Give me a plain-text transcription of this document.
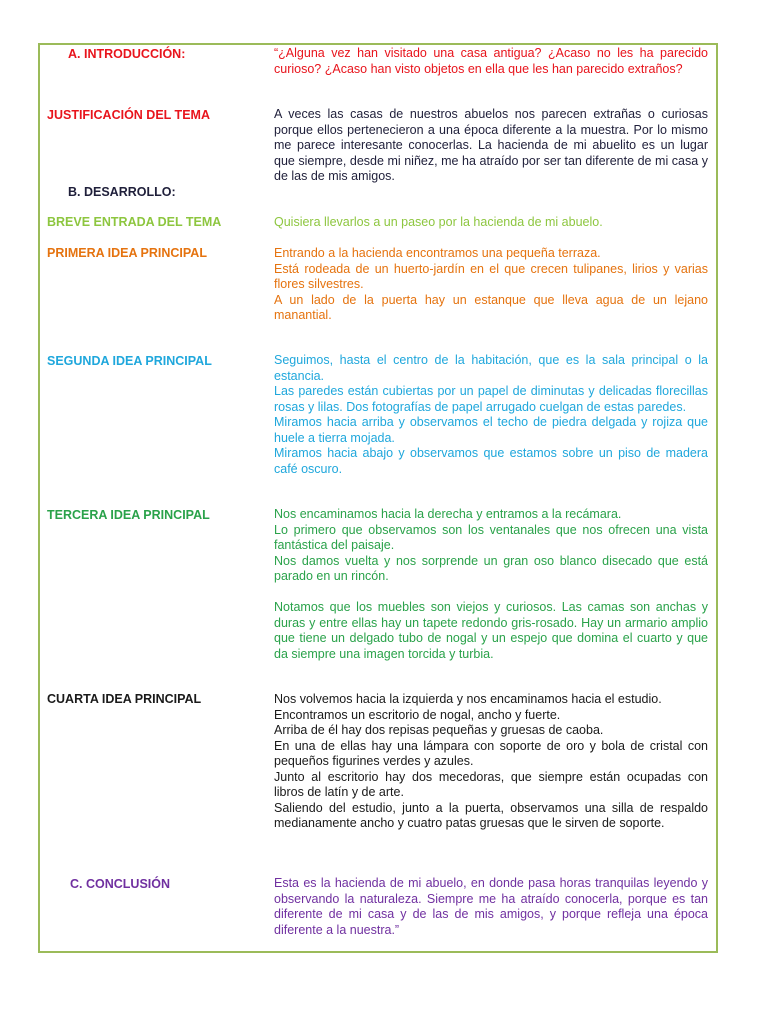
A. INTRODUCCIÓN:	“¿Alguna vez han visitado una casa antigua? ¿Acaso no les ha parecido curioso? ¿Acaso han visto objetos en ella que les han parecido extraños?

JUSTIFICACIÓN DEL TEMA	A veces las casas de nuestros abuelos nos parecen extrañas o curiosas porque ellos pertenecieron a una época diferente a la muestra. Por lo mismo me parece interesante conocerlas. La hacienda de mi abuelito es un lugar que siempre, desde mi niñez, me ha atraído por ser tan diferente de mi casa y de las de mis amigos.

B. DESARROLLO:
BREVE ENTRADA DEL TEMA	Quisiera llevarlos a un paseo por la hacienda de mi abuelo.

PRIMERA IDEA PRINCIPAL	Entrando a la hacienda encontramos una pequeña terraza.

Está rodeada de un huerto-jardín en el que crecen tulipanes, lirios y varias flores silvestres.

A un lado de la puerta hay un estanque que lleva agua de un lejano manantial.

SEGUNDA IDEA PRINCIPAL	Seguimos, hasta el centro de la habitación, que es la sala principal o la estancia.

Las paredes están cubiertas por un papel de diminutas y delicadas florecillas rosas y lilas. Dos fotografías de papel arrugado cuelgan de estas paredes.

Miramos hacia arriba y observamos el techo de piedra delgada y rojiza que huele a tierra mojada.

Miramos hacia abajo y observamos que estamos sobre un piso de madera café oscuro.

TERCERA IDEA PRINCIPAL	Nos encaminamos hacia la derecha y entramos a la recámara.

Lo primero que observamos son los ventanales que nos ofrecen una vista fantástica del paisaje.

Nos damos vuelta y nos sorprende un gran oso blanco disecado que está parado en un rincón.

Notamos que los muebles son viejos y curiosos. Las camas son anchas y duras y entre ellas hay un tapete redondo gris-rosado. Hay un armario amplio que tiene un delgado tubo de nogal y un espejo que domina el cuarto y que da siempre una imagen torcida y turbia.

CUARTA IDEA PRINCIPAL	Nos volvemos hacia la izquierda y nos encaminamos hacia el estudio.

Encontramos un escritorio de nogal, ancho y fuerte.

Arriba de él hay dos repisas pequeñas y gruesas de caoba.

En una de ellas hay una lámpara con soporte de oro y bola de cristal con pequeños figurines verdes y azules.

Junto al escritorio hay dos mecedoras, que siempre están ocupadas con libros de latín y de arte.

Saliendo del estudio, junto a la puerta, observamos una silla de respaldo medianamente ancho y cuatro patas gruesas que le sirven de soporte.

C. CONCLUSIÓN	Esta es la hacienda de mi abuelo, en donde pasa horas tranquilas leyendo y observando la naturaleza. Siempre me ha atraído conocerla, porque es tan diferente de mi casa y de las de mis amigos, y porque refleja una época diferente a la nuestra.”
